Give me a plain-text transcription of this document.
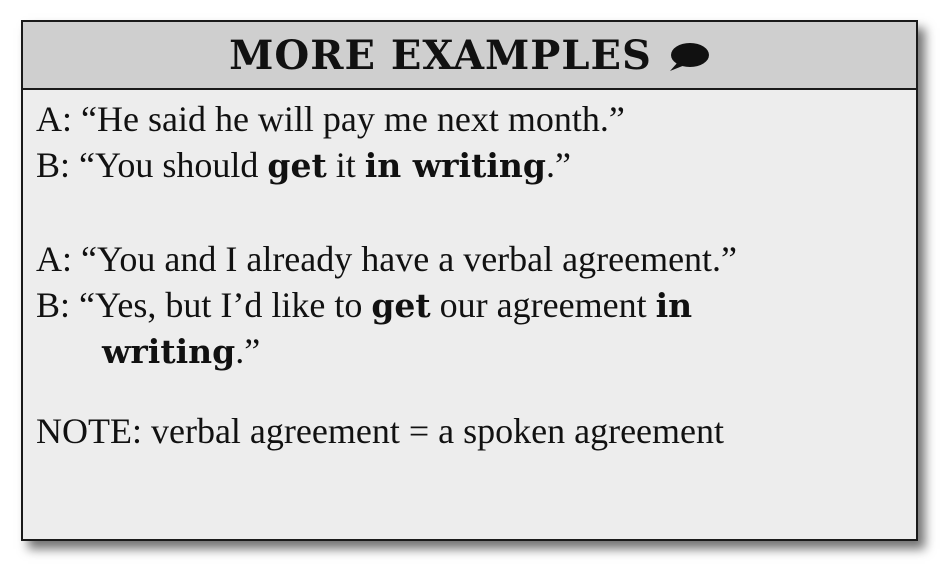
MORE EXAMPLES
A: “He said he will pay me next month.”
B: “You should get it in writing.”
A: “You and I already have a verbal agreement.”
B: “Yes, but I’d like to get our agreement in
writing.”
NOTE: verbal agreement = a spoken agreement
